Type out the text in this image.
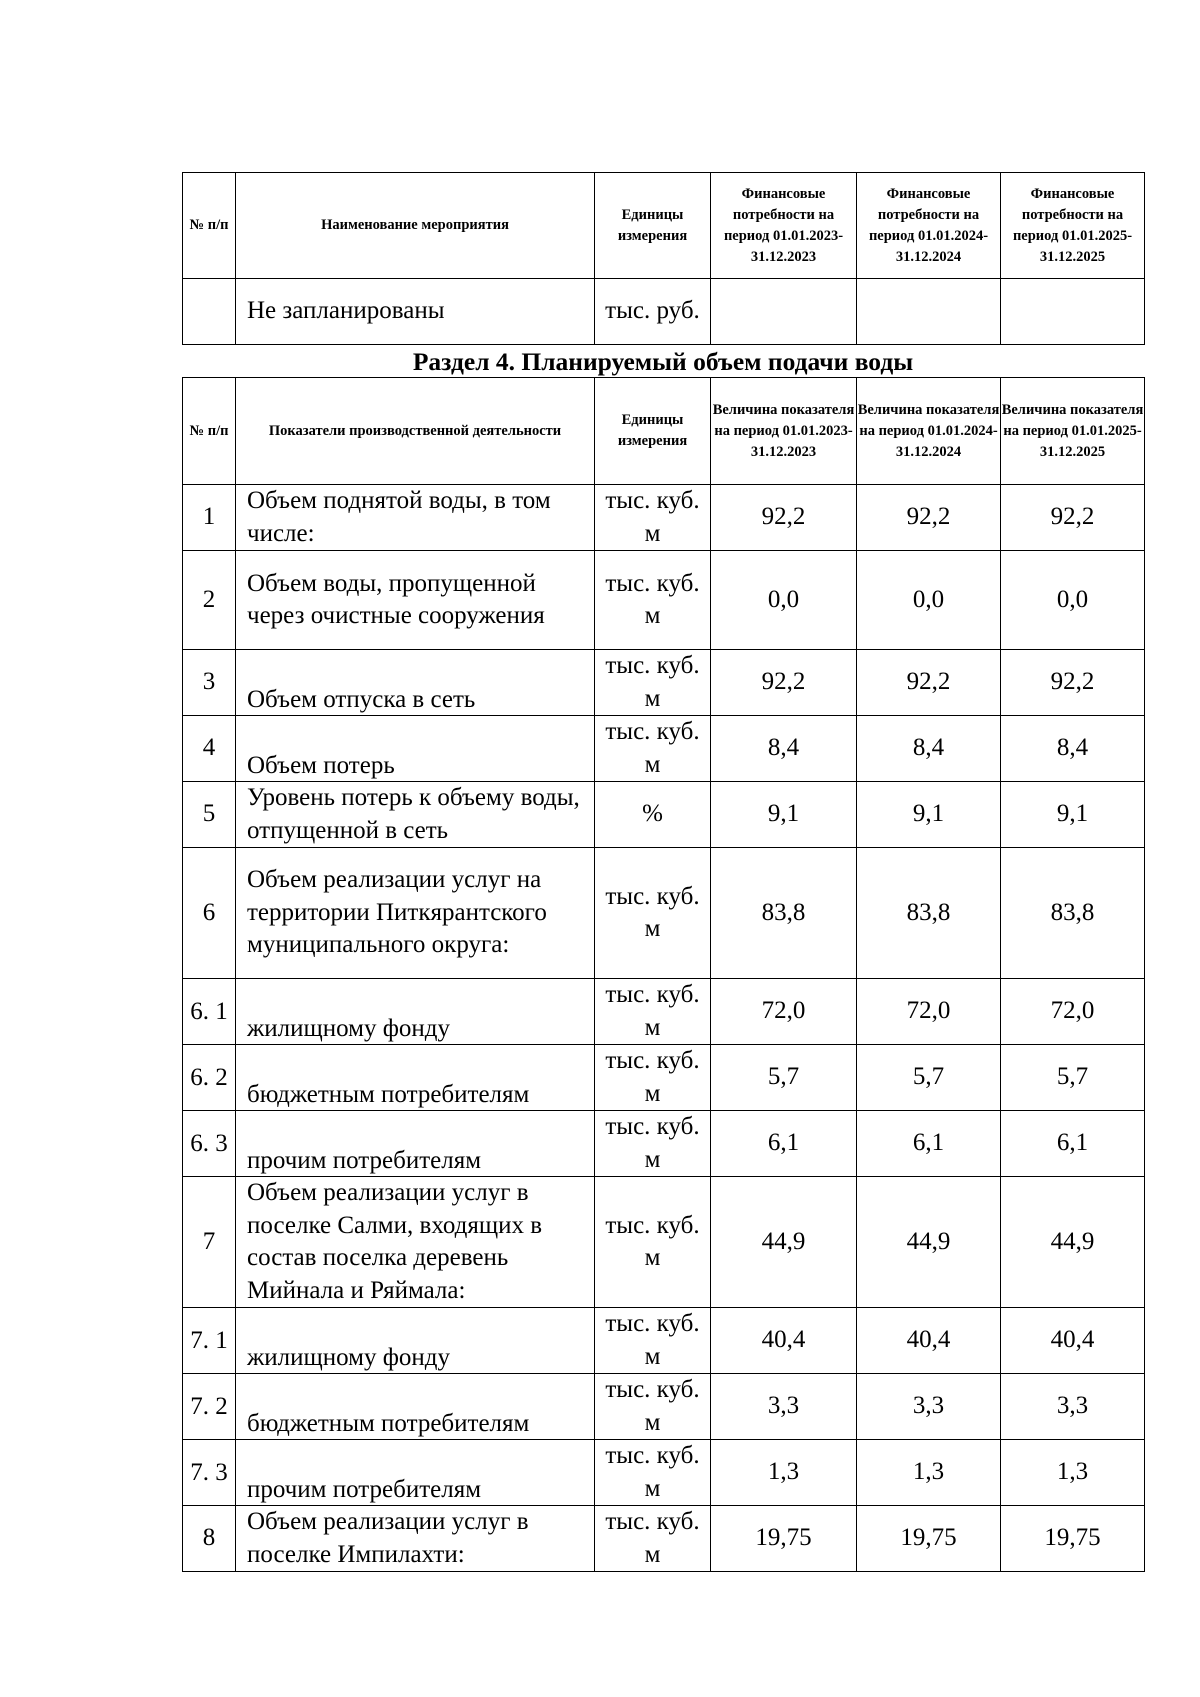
№ п/п	Наименование мероприятия	Единицы измерения	Финансовые потребности на период 01.01.2023-31.12.2023	Финансовые потребности на период 01.01.2024-31.12.2024	Финансовые потребности на период 01.01.2025-31.12.2025
	Не запланированы	тыс. руб.			
Раздел 4. Планируемый объем подачи воды
№ п/п	Показатели производственной деятельности	Единицы измерения	Величина показателя на период 01.01.2023-31.12.2023	Величина показателя на период 01.01.2024-31.12.2024	Величина показателя на период 01.01.2025-31.12.2025
1	Объем поднятой воды, в том числе:	тыс. куб. м	92,2	92,2	92,2
2	Объем воды, пропущенной через очистные сооружения	тыс. куб. м	0,0	0,0	0,0
3	Объем отпуска в сеть	тыс. куб. м	92,2	92,2	92,2
4	Объем потерь	тыс. куб. м	8,4	8,4	8,4
5	Уровень потерь к объему воды, отпущенной в сеть	%	9,1	9,1	9,1
6	Объем реализации услуг на территории Питкярантского муниципального округа:	тыс. куб. м	83,8	83,8	83,8
6. 1	жилищному фонду	тыс. куб. м	72,0	72,0	72,0
6. 2	бюджетным потребителям	тыс. куб. м	5,7	5,7	5,7
6. 3	прочим потребителям	тыс. куб. м	6,1	6,1	6,1
7	Объем реализации услуг в поселке Салми, входящих в состав поселка деревень Мийнала и Ряймала:	тыс. куб. м	44,9	44,9	44,9
7. 1	жилищному фонду	тыс. куб. м	40,4	40,4	40,4
7. 2	бюджетным потребителям	тыс. куб. м	3,3	3,3	3,3
7. 3	прочим потребителям	тыс. куб. м	1,3	1,3	1,3
8	Объем реализации услуг в поселке Импилахти:	тыс. куб. м	19,75	19,75	19,75
